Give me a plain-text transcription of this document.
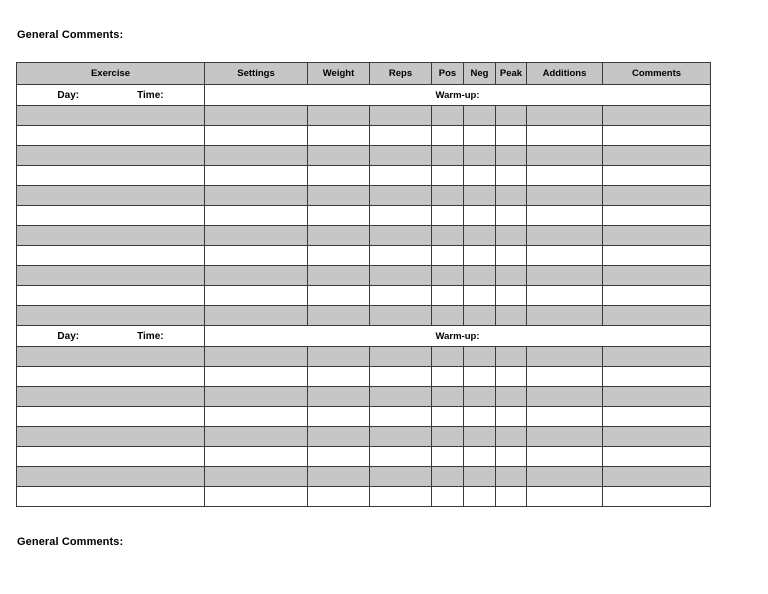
General Comments:
Exercise	Settings	Weight	Reps	Pos	Neg	Peak	Additions	Comments

Day: Time:	Warm-up:							

Day: Time:	Warm-up:							

General Comments:
